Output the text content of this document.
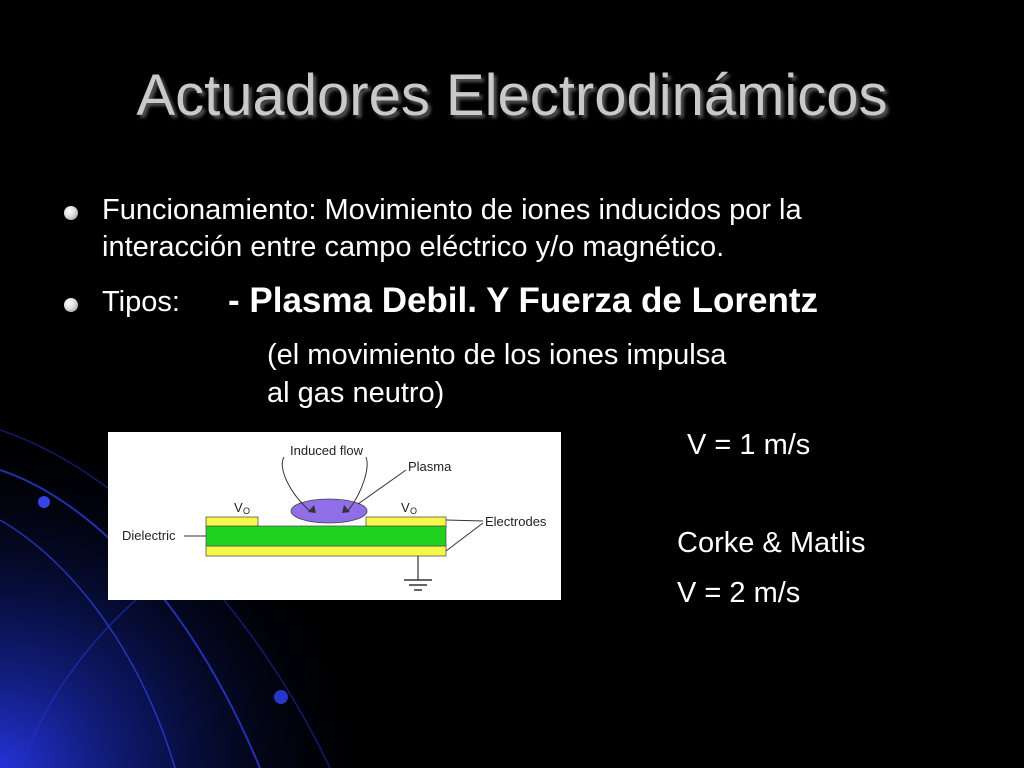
Actuadores Electrodinámicos
Funcionamiento: Movimiento de iones inducidos por la
interacción entre campo eléctrico y/o magnético.
Tipos: - Plasma Debil. Y Fuerza de Lorentz
(el movimiento de los iones impulsa
al gas neutro)
V = 1 m/s
Corke & Matlis
V = 2 m/s
Induced flow
Plasma
V O	V O
Electrodes
Dielectric
